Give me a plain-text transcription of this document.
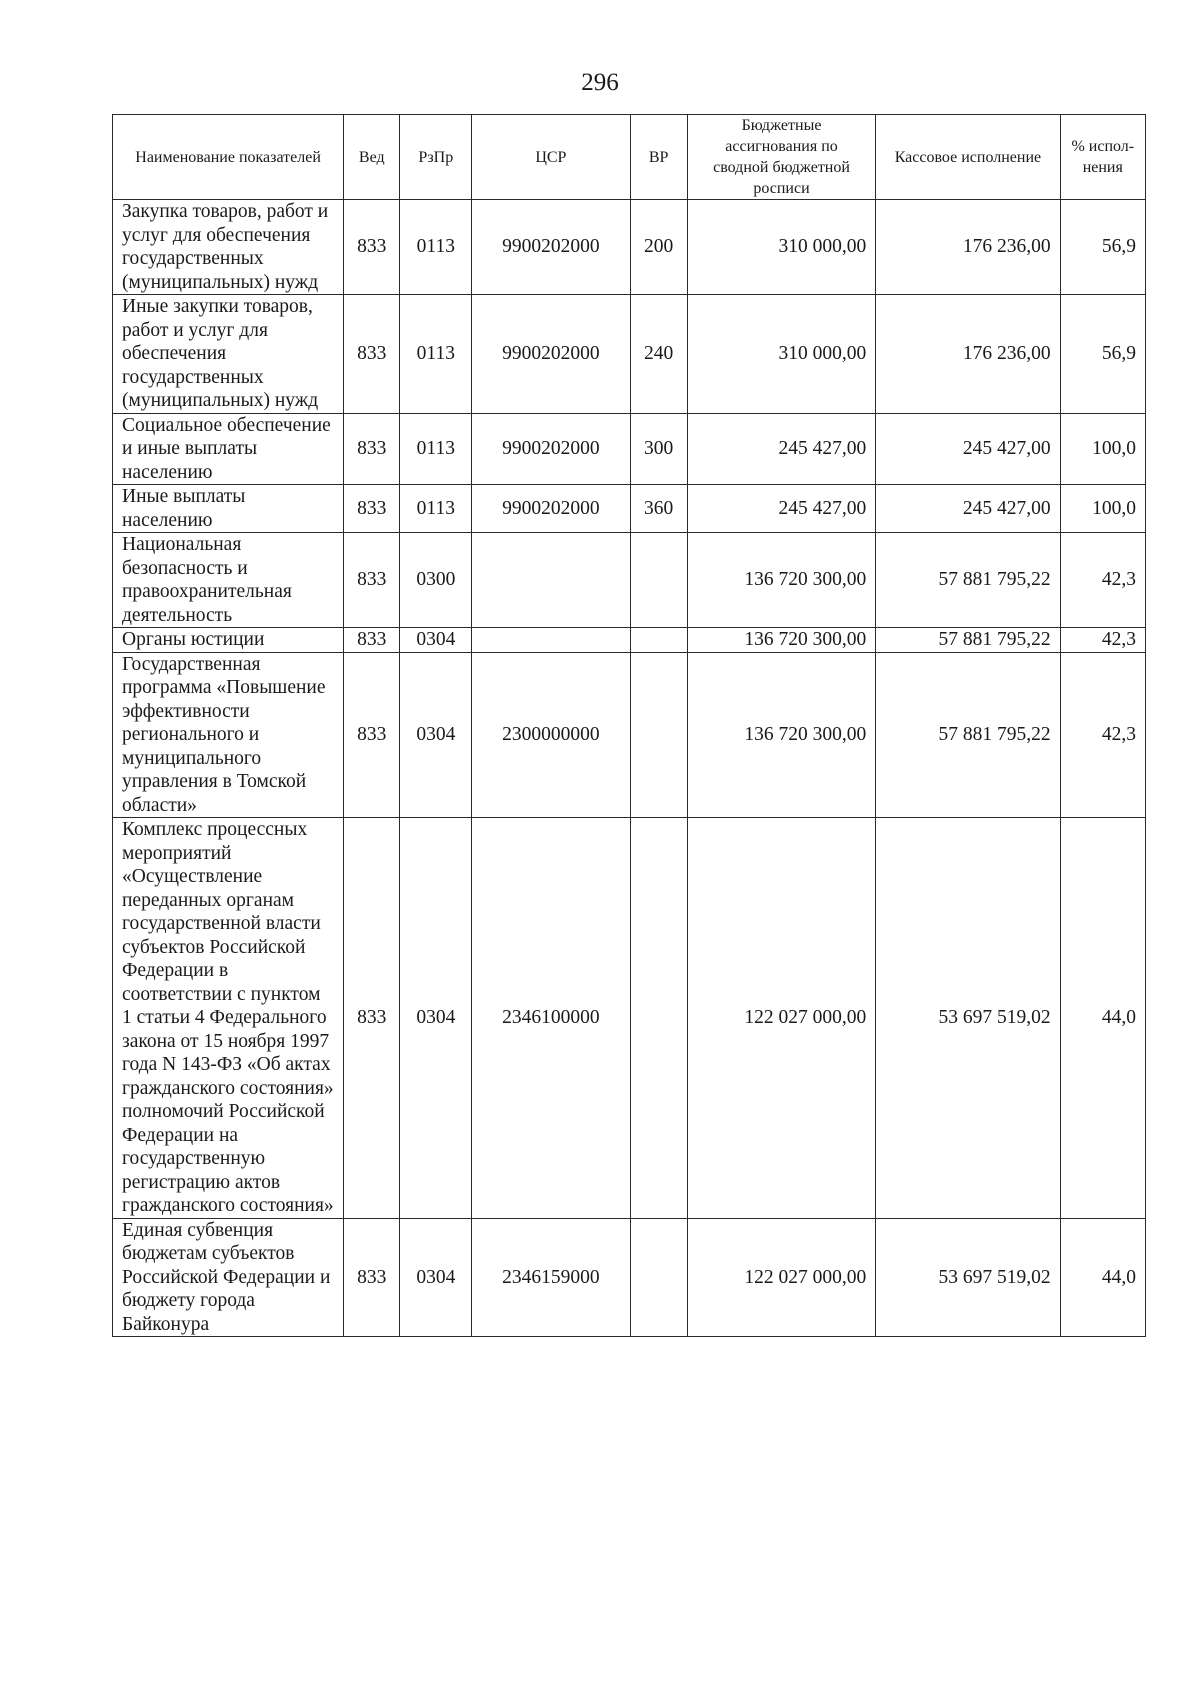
296
Наименование показателей	Вед	РзПр	ЦСР	ВР	Бюджетные ассигнования по сводной бюджетной росписи	Кассовое исполнение	% испол-нения
Закупка товаров, работ и услуг для обеспечения государственных (муниципальных) нужд	833	0113	9900202000	200	310 000,00	176 236,00	56,9
Иные закупки товаров, работ и услуг для обеспечения государственных (муниципальных) нужд	833	0113	9900202000	240	310 000,00	176 236,00	56,9
Социальное обеспечение и иные выплаты населению	833	0113	9900202000	300	245 427,00	245 427,00	100,0
Иные выплаты населению	833	0113	9900202000	360	245 427,00	245 427,00	100,0
Национальная безопасность и правоохранительная деятельность	833	0300			136 720 300,00	57 881 795,22	42,3
Органы юстиции	833	0304			136 720 300,00	57 881 795,22	42,3
Государственная программа «Повышение эффективности регионального и муниципального управления в Томской области»	833	0304	2300000000		136 720 300,00	57 881 795,22	42,3
Комплекс процессных мероприятий «Осуществление переданных органам государственной власти субъектов Российской Федерации в соответствии с пунктом 1 статьи 4 Федерального закона от 15 ноября 1997 года N 143-ФЗ «Об актах гражданского состояния» полномочий Российской Федерации на государственную регистрацию актов гражданского состояния»	833	0304	2346100000		122 027 000,00	53 697 519,02	44,0
Единая субвенция бюджетам субъектов Российской Федерации и бюджету города Байконура	833	0304	2346159000		122 027 000,00	53 697 519,02	44,0
